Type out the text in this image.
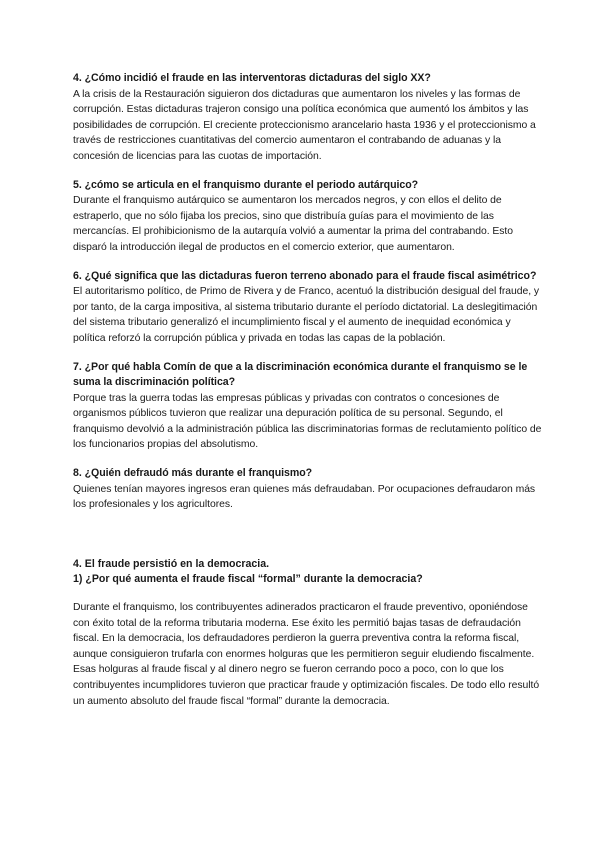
4. ¿Cómo incidió el fraude en las interventoras dictaduras del siglo XX?

A la crisis de la Restauración siguieron dos dictaduras que aumentaron los niveles y las formas de corrupción. Estas dictaduras trajeron consigo una política económica que aumentó los ámbitos y las posibilidades de corrupción. El creciente proteccionismo arancelario hasta 1936 y el proteccionismo a través de restricciones cuantitativas del comercio aumentaron el contrabando de aduanas y la concesión de licencias para las cuotas de importación.

5. ¿cómo se articula en el franquismo durante el periodo autárquico?

Durante el franquismo autárquico se aumentaron los mercados negros, y con ellos el delito de estraperlo, que no sólo fijaba los precios, sino que distribuía guías para el movimiento de las mercancías. El prohibicionismo de la autarquía volvió a aumentar la prima del contrabando. Esto disparó la introducción ilegal de productos en el comercio exterior, que aumentaron.

6. ¿Qué significa que las dictaduras fueron terreno abonado para el fraude fiscal asimétrico?

El autoritarismo político, de Primo de Rivera y de Franco, acentuó la distribución desigual del fraude, y por tanto, de la carga impositiva, al sistema tributario durante el período dictatorial. La deslegitimación del sistema tributario generalizó el incumplimiento fiscal y el aumento de inequidad económica y política reforzó la corrupción pública y privada en todas las capas de la población.

7. ¿Por qué habla Comín de que a la discriminación económica durante el franquismo se le suma la discriminación política?

Porque tras la guerra todas las empresas públicas y privadas con contratos o concesiones de organismos públicos tuvieron que realizar una depuración política de su personal. Segundo, el franquismo devolvió a la administración pública las discriminatorias formas de reclutamiento político de los funcionarios propias del absolutismo.

8. ¿Quién defraudó más durante el franquismo?

Quienes tenían mayores ingresos eran quienes más defraudaban. Por ocupaciones defraudaron más los profesionales y los agricultores.

4. El fraude persistió en la democracia.

1) ¿Por qué aumenta el fraude fiscal “formal” durante la democracia?

Durante el franquismo, los contribuyentes adinerados practicaron el fraude preventivo, oponiéndose con éxito total de la reforma tributaria moderna. Ese éxito les permitió bajas tasas de defraudación fiscal. En la democracia, los defraudadores perdieron la guerra preventiva contra la reforma fiscal, aunque consiguieron trufarla con enormes holguras que les permitieron seguir eludiendo fiscalmente. Esas holguras al fraude fiscal y al dinero negro se fueron cerrando poco a poco, con lo que los contribuyentes incumplidores tuvieron que practicar fraude y optimización fiscales. De todo ello resultó un aumento absoluto del fraude fiscal “formal” durante la democracia.
